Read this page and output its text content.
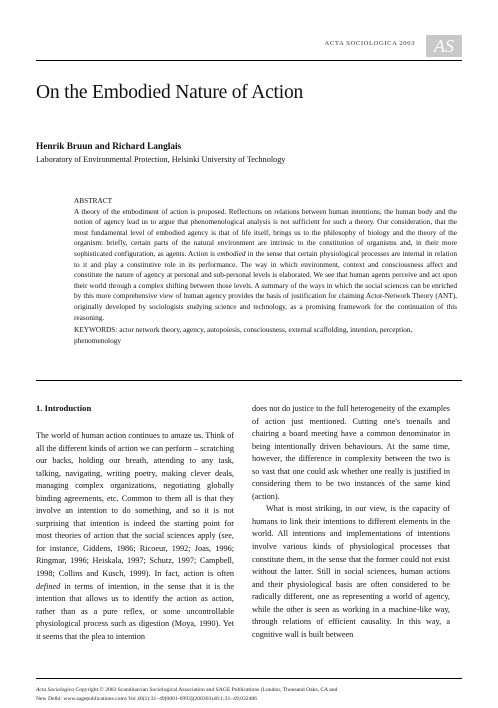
ACTA SOCIOLOGICA 2003 AS
On the Embodied Nature of Action
Henrik Bruun and Richard Langlais
Laboratory of Environmental Protection, Helsinki University of Technology
ABSTRACT
A theory of the embodiment of action is proposed. Reflections on relations between human intentions, the human body and the notion of agency lead us to argue that phenomenological analysis is not sufficient for such a theory. Our consideration, that the most fundamental level of embodied agency is that of life itself, brings us to the philosophy of biology and the theory of the organism: briefly, certain parts of the natural environment are intrinsic to the constitution of organisms and, in their more sophisticated configuration, as agents. Action is embodied in the sense that certain physiological processes are internal in relation to it and play a constitutive role in its performance. The way in which environment, context and consciousness affect and constitute the nature of agency at personal and sub-personal levels is elaborated. We see that human agents perceive and act upon their world through a complex shifting between those levels. A summary of the ways in which the social sciences can be enriched by this more comprehensive view of human agency provides the basis of justification for claiming Actor-Network Theory (ANT), originally developed by sociologists studying science and technology, as a promising framework for the continuation of this reasoning.
KEYWORDS: actor network theory, agency, autopoiesis, consciousness, external scaffolding, intention, perception, phenomenology
1. Introduction

The world of human action continues to amaze us. Think of all the different kinds of action we can perform – scratching our backs, holding our breath, attending to any task, talking, navigating, writing poetry, making clever deals, managing complex organizations, negotiating globally binding agreements, etc. Common to them all is that they involve an intention to do something, and so it is not surprising that intention is indeed the starting point for most theories of action that the social sciences apply (see, for instance, Giddens, 1986; Ricoeur, 1992; Joas, 1996; Ringmar, 1996; Heiskala, 1997; Schutz, 1997; Campbell, 1998; Collins and Kusch, 1999). In fact, action is often defined in terms of intention, in the sense that it is the intention that allows us to identify the action as action, rather than as a pure reflex, or some uncontrollable physiological process such as digestion (Moya, 1990). Yet it seems that the plea to intention

does not do justice to the full heterogeneity of the examples of action just mentioned. Cutting one's toenails and chairing a board meeting have a common denominator in being intentionally driven behaviours. At the same time, however, the difference in complexity between the two is so vast that one could ask whether one really is justified in considering them to be two instances of the same kind (action).

What is most striking, in our view, is the capacity of humans to link their intentions to different elements in the world. All intentions and implementations of intentions involve various kinds of physiological processes that constitute them, in the sense that the former could not exist without the latter. Still in social sciences, human actions and their physiological basis are often considered to be radically different, one as representing a world of agency, while the other is seen as working in a machine-like way, through relations of efficient causality. In this way, a cognitive wall is built between

Acta Sociologica Copyright © 2003 Scandinavian Sociological Association and SAGE Publications (London, Thousand Oaks, CA and
New Delhi: www.sagepublications.com) Vol 46(1):31–49[0001-6993](200303)46:1;31–49;032406
